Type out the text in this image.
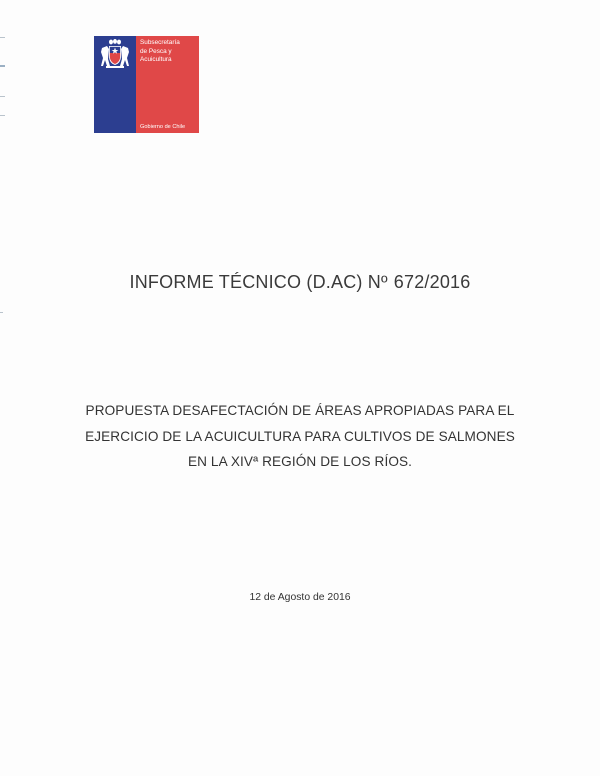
Subsecretaría
de Pesca y
Acuicultura
Gobierno de Chile
INFORME TÉCNICO (D.AC) Nº 672/2016
PROPUESTA DESAFECTACIÓN DE ÁREAS APROPIADAS PARA EL
EJERCICIO DE LA ACUICULTURA PARA CULTIVOS DE SALMONES
EN LA XIVª REGIÓN DE LOS RÍOS.
12 de Agosto de 2016
